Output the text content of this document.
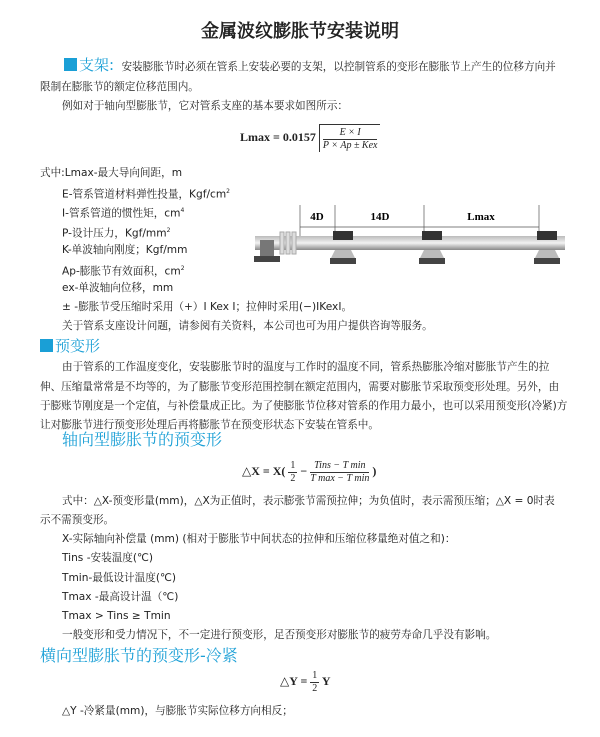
金属波纹膨胀节安装说明
支架: 安装膨胀节时必须在管系上安装必要的支架，以控制管系的变形在膨胀节上产生的位移方向并
限制在膨胀节的额定位移范围内。
例如对于轴向型膨胀节，它对管系支座的基本要求如图所示：
$Lmax = 0.0157 \frac{E \times I}{\text{P × Ap ± Kex}}$
式中:Lmax-最大导向间距，m
E-管系管道材料弹性投量，Kgf/$cm^2$
I-管系管道的惯性矩，$cm^4$
P-设计压力，Kgf/$mm^2$
K-单波轴向刚度；Kgf/mm
Ap-膨胀节有效面积，$cm^2$
ex-单波轴向位移，mm
± -膨胀节受压缩时采用（+）I Kex I；拉伸时采用(−)IKexI。
关于管系支座设计问题，请参阅有关资料，本公司也可为用户提供咨询等服务。
4D	14D	Lmax
预变形
由于管系的工作温度变化，安装膨胀节时的温度与工作时的温度不同，管系热膨胀冷缩对膨胀节产生的拉
伸、压缩量常常是不均等的，为了膨胀节变形范围控制在额定范围内，需要对膨胀节采取预变形处理。另外，由
于膨账节刚度是一个定值，与补偿量成正比。为了使膨胀节位移对管系的作用力最小，也可以采用预变形(冷紧)方
让对膨胀节进行预变形处理后再将膨胀节在预变形状态下安装在管系中。
轴向型膨胀节的预变形
△X = $X( \frac{1}{2} - \frac{\text{Tins − T min}}{\text{T max − T min}}$ )
式中：△X-预变形量(mm)，△X为正值时，表示膨张节需预拉伸；为负值时，表示需预压缩；△X = 0时表
示不需预变形。
X-实际轴向补偿量 (mm) (相对于膨胀节中间状态的拉伸和压缩位移量绝对值之和)：
Tins -安装温度(℃)
Tmin-最低设计温度(℃)
Tmax -最高设计温（℃)
Tmax > Tins ≥ Tmin
一般变形和受力情况下，不一定进行预变形，足否预变形对膨胀节的疲劳寿命几乎没有影响。
横向型膨胀节的预变形-冷紧
△Y = $\frac{1}{2}$ Y
△Y -冷紧量(mm)，与膨胀节实际位移方向相反；
